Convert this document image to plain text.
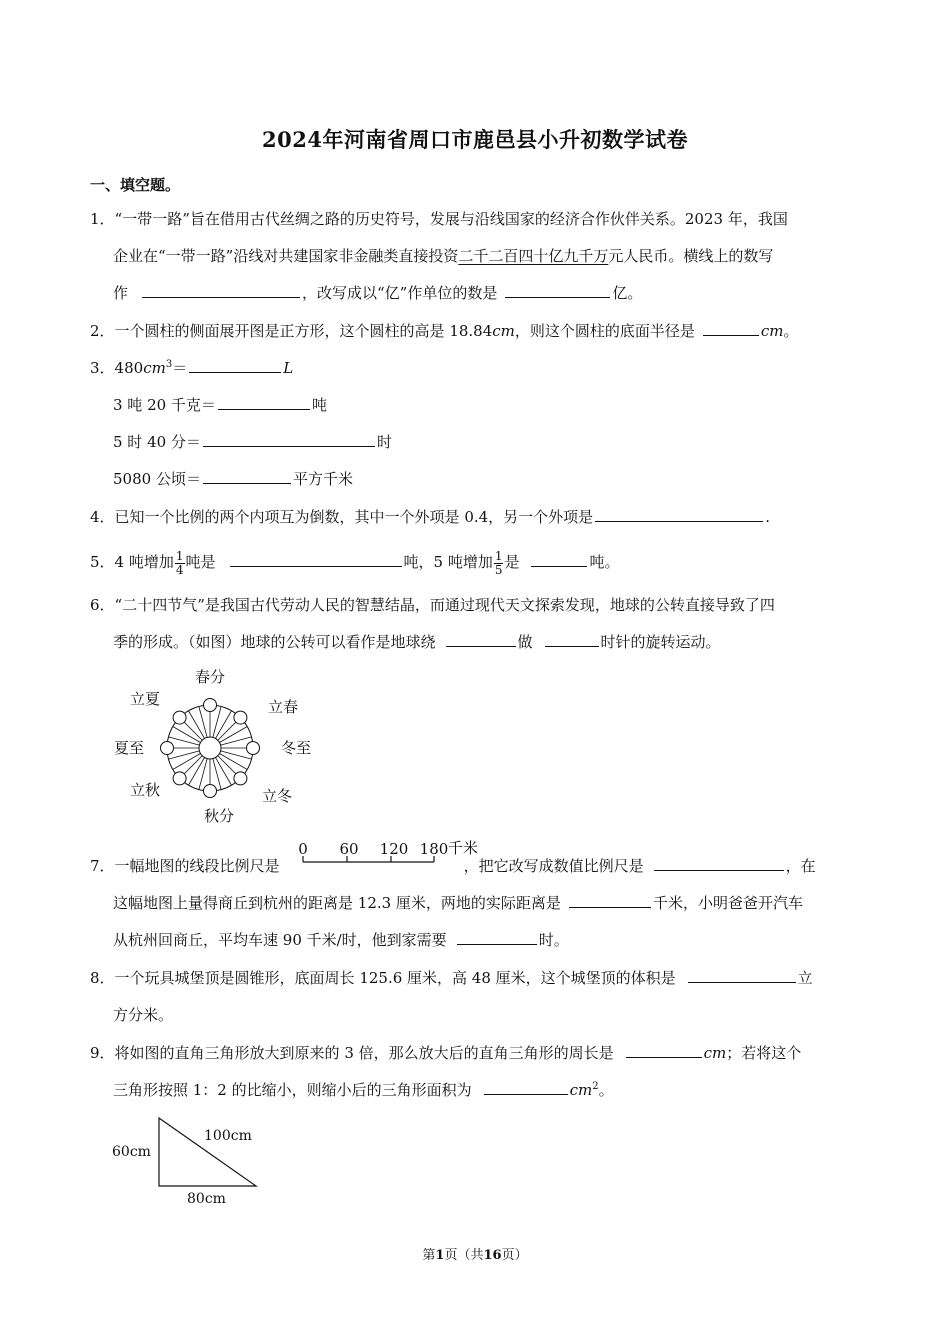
2024年河南省周口市鹿邑县小升初数学试卷
一、填空题。
1．“一带一路”旨在借用古代丝绸之路的历史符号，发展与沿线国家的经济合作伙伴关系。2023 年，我国
企业在“一带一路”沿线对共建国家非金融类直接投资二千二百四十亿九千万元人民币。横线上的数写
作	，改写成以“亿”作单位的数是	亿。
2．一个圆柱的侧面展开图是正方形，这个圆柱的高是 18.84cm，则这个圆柱的底面半径是	cm。
3．$480cm^3=$	L
3 吨 20 千克＝	吨
5 时 40 分＝	时
5080 公顷＝	平方千米
4．已知一个比例的两个内项互为倒数，其中一个外项是 0.4，另一个外项是	.
5．4 吨增加 $\frac{1}{4}$ 吨是	吨，5 吨增加 $\frac{1}{5}$ 是	吨。
6．“二十四节气”是我国古代劳动人民的智慧结晶，而通过现代天文探索发现，地球的公转直接导致了四
季的形成。（如图）地球的公转可以看作是地球绕	做	时针的旋转运动。
春分
立夏	立春
夏至	冬至
立秋	立冬
秋分
7．一幅地图的线段比例尺是	，把它改写成数值比例尺是	，在
这幅地图上量得商丘到杭州的距离是 12.3 厘米，两地的实际距离是	千米，小明爸爸开汽车
从杭州回商丘，平均车速 90 千米/时，他到家需要	时。
0 60 120 180 千米
8．一个玩具城堡顶是圆锥形，底面周长 125.6 厘米，高 48 厘米，这个城堡顶的体积是	立
方分米。
9．将如图的直角三角形放大到原来的 3 倍，那么放大后的直角三角形的周长是	cm；若将这个
三角形按照 1：2 的比缩小，则缩小后的三角形面积为	$cm^2$。
60cm
100cm
80cm
第1页（共16页）
